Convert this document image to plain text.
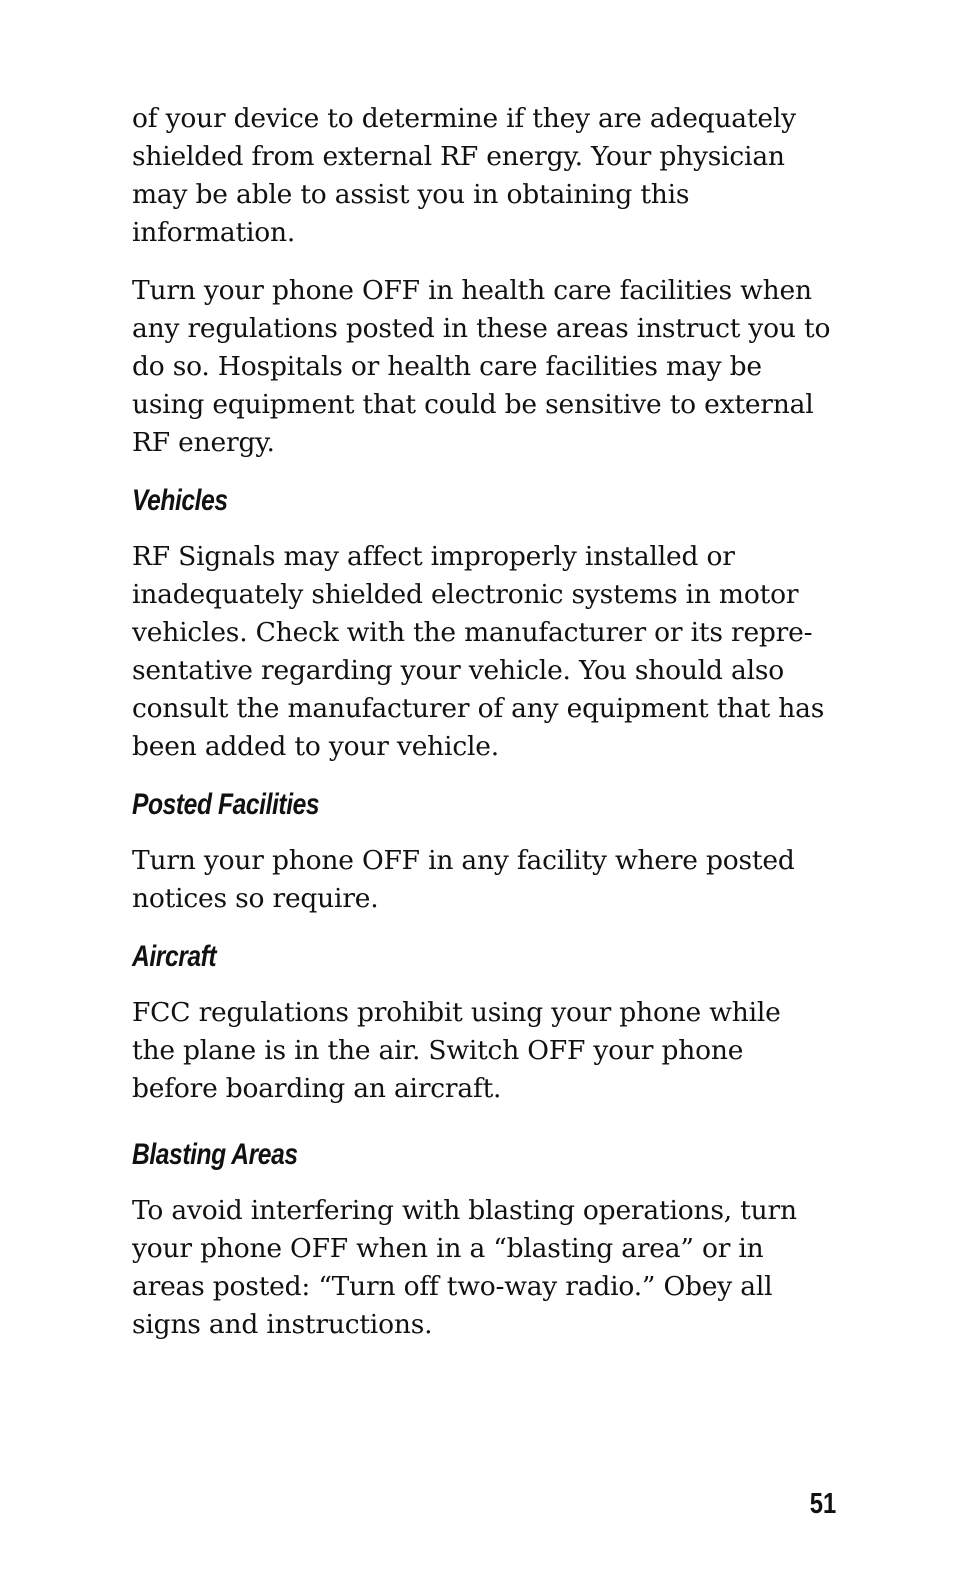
of your device to determine if they are adequately
shielded from external RF energy. Your physician
may be able to assist you in obtaining this
information.

Turn your phone OFF in health care facilities when
any regulations posted in these areas instruct you to
do so. Hospitals or health care facilities may be
using equipment that could be sensitive to external
RF energy.

Vehicles

RF Signals may affect improperly installed or
inadequately shielded electronic systems in motor
vehicles. Check with the manufacturer or its repre-
sentative regarding your vehicle. You should also
consult the manufacturer of any equipment that has
been added to your vehicle.

Posted Facilities

Turn your phone OFF in any facility where posted
notices so require.

Aircraft

FCC regulations prohibit using your phone while
the plane is in the air. Switch OFF your phone
before boarding an aircraft.

Blasting Areas

To avoid interfering with blasting operations, turn
your phone OFF when in a “blasting area” or in
areas posted: “Turn off two-way radio.” Obey all
signs and instructions.

51
